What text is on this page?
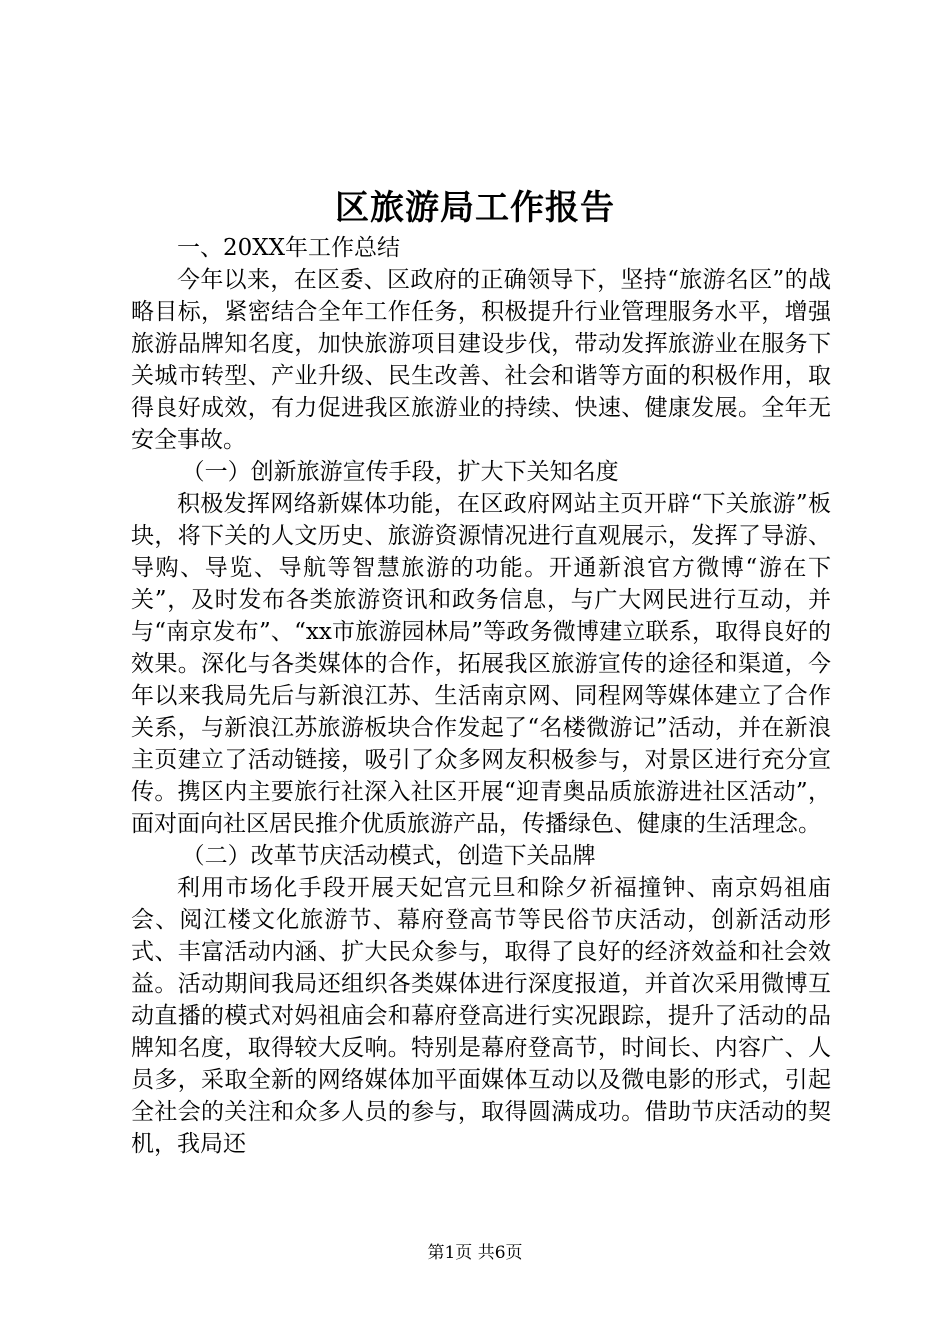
区旅游局工作报告

一、20XX年工作总结

今年以来，在区委、区政府的正确领导下，坚持“旅游名区”的战略目标，紧密结合全年工作任务，积极提升行业管理服务水平，增强旅游品牌知名度，加快旅游项目建设步伐，带动发挥旅游业在服务下关城市转型、产业升级、民生改善、社会和谐等方面的积极作用，取得良好成效，有力促进我区旅游业的持续、快速、健康发展。全年无安全事故。

（一）创新旅游宣传手段，扩大下关知名度

积极发挥网络新媒体功能，在区政府网站主页开辟“下关旅游”板块，将下关的人文历史、旅游资源情况进行直观展示，发挥了导游、导购、导览、导航等智慧旅游的功能。开通新浪官方微博“游在下关”，及时发布各类旅游资讯和政务信息，与广大网民进行互动，并与“南京发布”、“xx市旅游园林局”等政务微博建立联系，取得良好的效果。深化与各类媒体的合作，拓展我区旅游宣传的途径和渠道，今年以来我局先后与新浪江苏、生活南京网、同程网等媒体建立了合作关系，与新浪江苏旅游板块合作发起了“名楼微游记”活动，并在新浪主页建立了活动链接，吸引了众多网友积极参与，对景区进行充分宣传。携区内主要旅行社深入社区开展“迎青奥品质旅游进社区活动”，面对面向社区居民推介优质旅游产品，传播绿色、健康的生活理念。

（二）改革节庆活动模式，创造下关品牌

利用市场化手段开展天妃宫元旦和除夕祈福撞钟、南京妈祖庙会、阅江楼文化旅游节、幕府登高节等民俗节庆活动，创新活动形式、丰富活动内涵、扩大民众参与，取得了良好的经济效益和社会效益。活动期间我局还组织各类媒体进行深度报道，并首次采用微博互动直播的模式对妈祖庙会和幕府登高进行实况跟踪，提升了活动的品牌知名度，取得较大反响。特别是幕府登高节，时间长、内容广、人员多，采取全新的网络媒体加平面媒体互动以及微电影的形式，引起全社会的关注和众多人员的参与，取得圆满成功。借助节庆活动的契机，我局还

第1页 共6页
